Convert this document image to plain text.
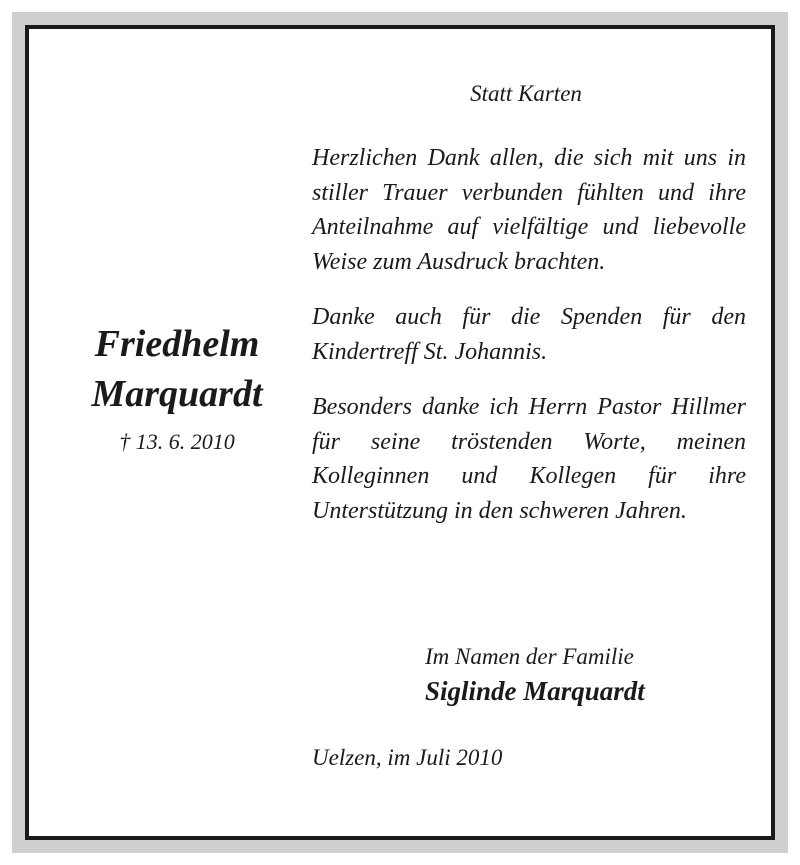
Statt Karten
Friedhelm
Marquardt
† 13. 6. 2010

Herzlichen Dank allen, die sich mit uns in stiller Trauer verbunden fühlten und ihre Anteilnahme auf vielfältige und liebevolle Weise zum Ausdruck brachten.

Danke auch für die Spenden für den Kindertreff St. Johannis.

Besonders danke ich Herrn Pastor Hillmer für seine tröstenden Worte, meinen Kolleginnen und Kollegen für ihre Unterstützung in den schweren Jahren.

Im Namen der Familie
Siglinde Marquardt
Uelzen, im Juli 2010
